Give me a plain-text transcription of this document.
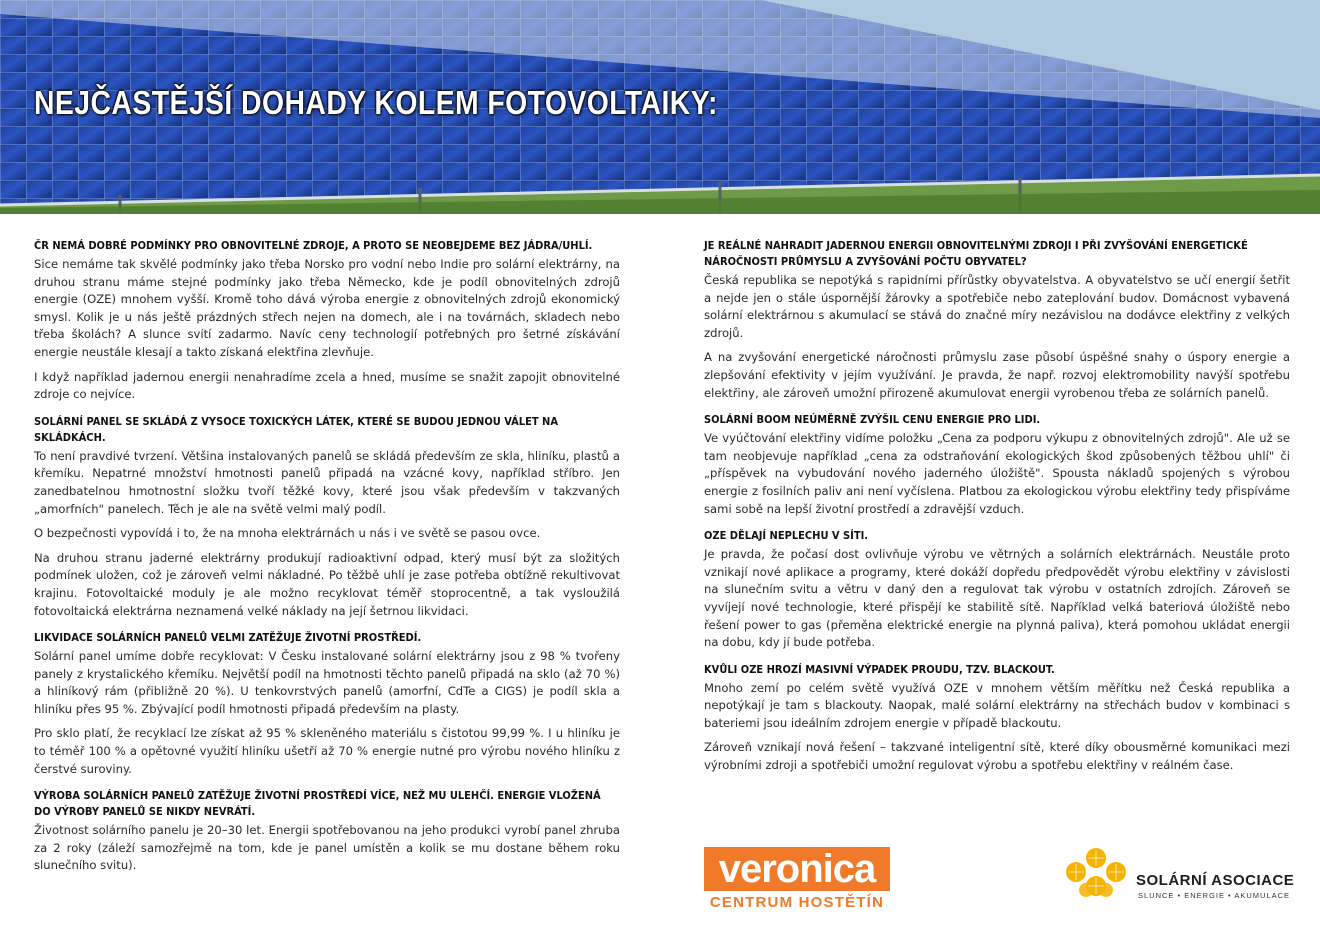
NEJČASTĚJŠÍ DOHADY KOLEM FOTOVOLTAIKY:
ČR NEMÁ DOBRÉ PODMÍNKY PRO OBNOVITELNÉ ZDROJE, A PROTO SE NEOBEJDEME BEZ JÁDRA/UHLÍ.

Sice nemáme tak skvělé podmínky jako třeba Norsko pro vodní nebo Indie pro solární elektrárny, na druhou stranu máme stejné podmínky jako třeba Německo, kde je podíl obnovitelných zdrojů energie (OZE) mnohem vyšší. Kromě toho dává výroba energie z obnovitelných zdrojů ekonomický smysl. Kolik je u nás ještě prázdných střech nejen na domech, ale i na továrnách, skladech nebo třeba školách? A slunce svítí zadarmo. Navíc ceny technologií potřebných pro šetrné získávání energie neustále klesají a takto získaná elektřina zlevňuje.

I když například jadernou energii nenahradíme zcela a hned, musíme se snažit zapojit obnovitelné zdroje co nejvíce.

SOLÁRNÍ PANEL SE SKLÁDÁ Z VYSOCE TOXICKÝCH LÁTEK, KTERÉ SE BUDOU JEDNOU VÁLET NA SKLÁDKÁCH.

To není pravdivé tvrzení. Většina instalovaných panelů se skládá především ze skla, hliníku, plastů a křemíku. Nepatrné množství hmotnosti panelů připadá na vzácné kovy, například stříbro. Jen zanedbatelnou hmotnostní složku tvoří těžké kovy, které jsou však především v takzvaných „amorfních" panelech. Těch je ale na světě velmi malý podíl.

O bezpečnosti vypovídá i to, že na mnoha elektrárnách u nás i ve světě se pasou ovce.

Na druhou stranu jaderné elektrárny produkují radioaktivní odpad, který musí být za složitých podmínek uložen, což je zároveň velmi nákladné. Po těžbě uhlí je zase potřeba obtížně rekultivovat krajinu. Fotovoltaické moduly je ale možno recyklovat téměř stoprocentně, a tak vysloužilá fotovoltaická elektrárna neznamená velké náklady na její šetrnou likvidaci.

LIKVIDACE SOLÁRNÍCH PANELŮ VELMI ZATĚŽUJE ŽIVOTNÍ PROSTŘEDÍ.

Solární panel umíme dobře recyklovat: V Česku instalované solární elektrárny jsou z 98 % tvořeny panely z krystalického křemíku. Největší podíl na hmotnosti těchto panelů připadá na sklo (až 70 %) a hliníkový rám (přibližně 20 %). U tenkovrstvých panelů (amorfní, CdTe a CIGS) je podíl skla a hliníku přes 95 %. Zbývající podíl hmotnosti připadá především na plasty.

Pro sklo platí, že recyklací lze získat až 95 % skleněného materiálu s čistotou 99,99 %. I u hliníku je to téměř 100 % a opětovné využití hliníku ušetří až 70 % energie nutné pro výrobu nového hliníku z čerstvé suroviny.

VÝROBA SOLÁRNÍCH PANELŮ ZATĚŽUJE ŽIVOTNÍ PROSTŘEDÍ VÍCE, NEŽ MU ULEHČÍ. ENERGIE VLOŽENÁ DO VÝROBY PANELŮ SE NIKDY NEVRÁTÍ.

Životnost solárního panelu je 20–30 let. Energii spotřebovanou na jeho produkci vyrobí panel zhruba za 2 roky (záleží samozřejmě na tom, kde je panel umístěn a kolik se mu dostane během roku slunečního svitu).

JE REÁLNÉ NAHRADIT JADERNOU ENERGII OBNOVITELNÝMI ZDROJI I PŘI ZVYŠOVÁNÍ ENERGETICKÉ NÁROČNOSTI PRŮMYSLU A ZVYŠOVÁNÍ POČTU OBYVATEL?

Česká republika se nepotýká s rapidními přírůstky obyvatelstva. A obyvatelstvo se učí energií šetřit a nejde jen o stále úspornější žárovky a spotřebiče nebo zateplování budov. Domácnost vybavená solární elektrárnou s akumulací se stává do značné míry nezávislou na dodávce elektřiny z velkých zdrojů.

A na zvyšování energetické náročnosti průmyslu zase působí úspěšné snahy o úspory energie a zlepšování efektivity v jejím využívání. Je pravda, že např. rozvoj elektromobility navýší spotřebu elektřiny, ale zároveň umožní přirozeně akumulovat energii vyrobenou třeba ze solárních panelů.

SOLÁRNÍ BOOM NEÚMĚRNĚ ZVÝŠIL CENU ENERGIE PRO LIDI.

Ve vyúčtování elektřiny vidíme položku „Cena za podporu výkupu z obnovitelných zdrojů". Ale už se tam neobjevuje například „cena za odstraňování ekologických škod způsobených těžbou uhlí" či „příspěvek na vybudování nového jaderného úložiště". Spousta nákladů spojených s výrobou energie z fosilních paliv ani není vyčíslena. Platbou za ekologickou výrobu elektřiny tedy přispíváme sami sobě na lepší životní prostředí a zdravější vzduch.

OZE DĚLAJÍ NEPLECHU V SÍTI.

Je pravda, že počasí dost ovlivňuje výrobu ve větrných a solárních elektrárnách. Neustále proto vznikají nové aplikace a programy, které dokáží dopředu předpovědět výrobu elektřiny v závislosti na slunečním svitu a větru v daný den a regulovat tak výrobu v ostatních zdrojích. Zároveň se vyvíjejí nové technologie, které přispějí ke stabilitě sítě. Například velká bateriová úložiště nebo řešení power to gas (přeměna elektrické energie na plynná paliva), která pomohou ukládat energii na dobu, kdy jí bude potřeba.

KVŮLI OZE HROZÍ MASIVNÍ VÝPADEK PROUDU, TZV. BLACKOUT.

Mnoho zemí po celém světě využívá OZE v mnohem větším měřítku než Česká republika a nepotýkají je tam s blackouty. Naopak, malé solární elektrárny na střechách budov v kombinaci s bateriemi jsou ideálním zdrojem energie v případě blackoutu.

Zároveň vznikají nová řešení – takzvané inteligentní sítě, které díky obousměrné komunikaci mezi výrobními zdroji a spotřebiči umožní regulovat výrobu a spotřebu elektřiny v reálném čase.

veronica
CENTRUM HOSTĚTÍN
SOLÁRNÍ ASOCIACE
SLUNCE • ENERGIE • AKUMULACE
